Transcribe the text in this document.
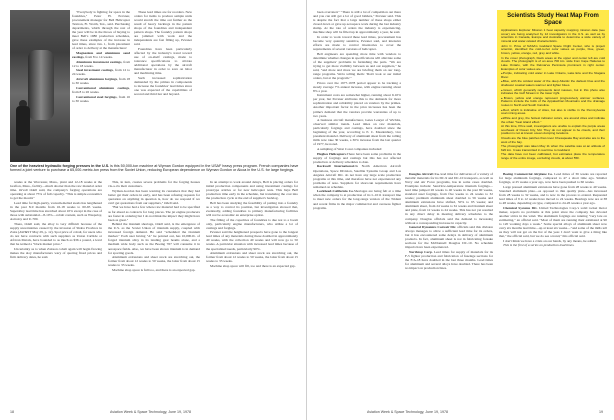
"Everybody is fighting for space in the foundries," Peter H. Pevsner, procurement manager for Bell Helicopter Textron, Ft. Worth, Tex., said. Purchasing departments, which through the rest of the year will be in the throes of buying to meet Bell's 1980 production schedules, gave these examples of the increase in lead times, since Jan. 1, from placement of order to delivery at the manufacturer:

Magnesium and aluminum sand castings, from 8 to 14 weeks.

Aluminum investment castings, from 12 to 18 weeks.

Steel investment castings, from 12 to 24 weeks.

Aircraft aluminum forgings, from 18 to 30 weeks.

Conventional aluminum castings, from 8 to 26 weeks.

Conventional steel forgings, from 16 to 30 weeks.

These lead times are for reorders. New orders for items to produce sample units would stretch the time out further as the result of heavy backlogs in the pattern shops of the foundries and independent pattern shops. The foundry pattern shops are jammed with work and the independents are fast filling up, Pevsner said.

Foundries have been particularly affected by the industry's trend toward use of on-shelf castings, made to tolerance specifications to obviate additional operations by the aircraft manufacturer in order to save on labor and machining time.

Such increased sophistication demanded by the primes in components to increase the foundries' lead times since one was expected of the capabilities of second and third tier and beyond.

One of the heaviest hydraulic forging presses in the U.S. is this 50,000-ton machine at Wyman Gordon equipped in the USAF heavy press program. French companies have formed a joint venture to purchase a 65,000-metric-ton press from the Soviet Union, reducing European dependence on Wyman Gordon or Alcoa in the U.S. for large forgings.

weeks at the Worcester, Mass., plant and 12-18 weeks at the Grafton, Mass., facility—much shorter than the raw material order time. Orvall Odell said, the company's forging operations are operating at about 75% of full capacity. "This is simple economics to get the mould."

Lead time for high-purity, vacuum-melted steels has lengthened in the past 8-9 months from 16-18 weeks to 60-65 weeks. Superalloy lead time has stretched about 10% except in the case of those with substantial—8-10%—cobalt content, such as Waspaloy, Astroloy and U-700.

There, Odell said, the alloy is very difficult because of the supply uncertainties caused by the invasion of Shaba Province in Zaire (AW&ST May 29, p. 12). Spot price of cobalt, for users who do not have contracts with such suppliers as Union Carbide or African Metals, have bounded to as much as $36 a pound, a level that he termed a "black market price."

Uncertainty as to when Zaireon cobalt again will begin flowing makes the aloy manufacturers wary of quoting fixed prices and firm delivery dates, he said.

This, in turn, creates severe problems for the forging houses vis-a-vis their customers.

Wyman-Gordon has been warning its customers that they had better get their orders in early, and has been refusing requests for quotation on anything in question is, how do we respond if we can't get quotations from our suppliers," Odell said.

"But we have had a few where raw material had to be specified as far ahead as contracts for long pieces. The jet engine producers are faster in ordering but I do not think the impact they might have been as great."

Behind the titanium shortage, Odell said, is the emergence of the U.S. as the Soviet Union of titanium supply, coupled with increased foreign demand. He said "scheduled the titanium market." Each user having "A" he pointed out, has 10,000-lb. of forged titanium alloy in its landing gear beams alone, and a medium wide body such as the Boeing 767 will consume it in aerospace fields. Also, we have been shown titanium is in demand for sporting goods.

Aluminum extrusions and sheet stock are stretching out, the former from about 12 weeks to 50 weeks, the latter from about 15 weeks to 33 weeks.

Machine shop space is full too, and there is an expected gap.

In an attempt to work around delays, Bell is placing orders for initial production components and using investment castings for prototype articles or for new helicopter tests. This buys Bell production time early in the schedule, but translating the cost into the production cycle at the end of supplier's backlog.

Bell has been studying the feasibility of putting into a foundry as a way to control its position, but investigation showed that, eventually, adding foundries to primary manufacturing facilities will not be economic an enterprise option.

The filling of the capacities of foundries is due not to a boom only, particularly engine manufacturers, who utilize a lot of castings and forgings.

Pevsner said the heightened prospects have gone to the longest lead times of any materials during these doubled in approximately 40 weeks, with the collection 40 weeks and will now go to 50 weeks. A particular situation with increased lead times because of the specialized needs, particularly 90%.

Aluminum extrusions and sheet stock are stretching out, the former from about 12 weeks to 50 weeks, the latter from about 15 weeks to 33 weeks.

Machine shop space will fill, too and there is an expected gap.

18	Aviation Week & Space Technology, June 19, 1978

been overrated." "There is still a lot of competition out there and you can still get a lot of good bidders," Pevsner said. This is despite the fact that a large number of these shops either closed down or gave up aerospace work during the last industry slump. At the rate of orders the industry is experiencing, machine shop will be filled up in approximately a year, he said.

In order to work toward these lead times, procurement has become very quantity sensitive, Pevsner said, and intensive efforts are made to control inventories to cover the requirements of several versions of helicopter.

Bell engineers are spending more time with vendors to determine whether changes in specifications will alleviate some of the suppliers' problems in furnishing the parts. "We are trying to get more visibility between us and our suppliers," he said, "and more and more we are briefing them on our long-range programs. We're telling them: 'Don't look at our initial orders, but at the program.'"

Prices over the 1977-1978 period appear to be tracking a steady average 7% annual increase, with engine running about 8% a year.

Instrument costs are somewhat higher, running about 9-10% per year, but Pevsner attributes this to the demands for more sophistication and reliability placed on vendors by the primes. Another important factor in the price increases has been the prime's demand that the vendors provide warranties of up to two years.

A business aircraft manufacturer, Gates Learjet of Wichita, observed similar trends. Lead times on raw materials, particularly forgings and castings, have doubled since the beginning of the year, according to E. C. Meadenbury, vice president materiel. Delivery of aluminum sheet from the rolling mills now take 30 weeks, a 30% increase from the last quarter of 1977, he noted.

A sampling of West Coast companies included:

Hughes Helicopters.There have been some problems in the supply of forgings and castings but this has not affected production or delivery schedules to date.

Rockwell International.Its North American Aircraft Operations, Space Division, Satellite Systems Group and Los Angeles Aircraft Div. do not have any large scale production programs at this time, and therefore have not experienced any problems of note. Suppliers for short-run requirements have remained on schedule.

Lockheed-California Co.Shortages are being felt at a time when the company is at production of its L-1011 transport line to meet new orders for the long-range version of the Trident and recent firms in the major commercial and overseas fighter programs.

Douglas Aircraft Co. lead time for deliveries of a variety of metallic materials for its DC-9 and DC-10 transports, as well as Navy and Air Force programs, has in some cases doubled. Examples include: Sand/low-temperature titanium forgings—lead time jumped 26 weeks to 40 weeks in the past 60 weeks, standard steel forgings, from five weeks to 24 weeks to 32 weeks; premium aluminum sheet doubled to 56 weeks and aluminum extrusions have shifted, 50% to 95 weeks; and aluminum sheet, from 24 weeks to 61 weeks and titanium sheet and plate, from 12 weeks to 24 weeks. This has not yet resulted in any direct delay in meeting delivery schedules to the company. Douglas officials said the demand is increasing without a corresponding increase in capacity.

General Dynamics Convair Div. officials said this division always manages to allow a sufficient lead time for its orders, but it has encountered some delays in delivery of aluminum products. In fact, aluminum sheet is not in fabricating forsake sections for the McDonnell Douglas DC-10. No schedule impacts have been experienced.

Northrop Corp. Lead times for supply of materials for its F-5 fighter production and fabrication of fuselage sections for the F/A-18 have doubled in the last three months. Lead times for aluminum and several alloys have doubled. There has been no impact on production lines.

Boeing Commercial Airplane Co. Lead times of 36 weeks are reported for large aluminum forgings, compared to 47 a short time ago. Smaller forgings, at 25 weeks a year ago, now have been pushed to 60 weeks.

Large pressed aluminum extrusions have gone from 28 weeks to 40 weeks. Standard aluminum plate—as opposed to thin quality plate—has increased from 28 weeks to 32 weeks, and is now in the process to extend. Requested lead times of 9 to 12 weeks have moved to 24 weeks. Bearings now are at 38 to 48 weeks, depending on type, compared to 24-26 weeks a year ago.

Chemical Systems Div. United Technologies Corp.'s solid rocket motor maker, reports no problems at this point since the company has devoted another strive in the wind. The aluminum forgings are running "very late on estimating," an official said. "Most of them are running their estimated at 90 to 120 working days a week." Some special alloys of aluminum sheet now carry six months lead time—up at least six weeks—"and some of the mills tell us they will not get on the list of the year. I don't want to give a thing like that," the official said, but we do see a trend," this official said.

I don't think we have a crisis on our hands, by any means, he added.

This is the first of a series on production lead times.

Scientists Study Heat Map From Space

Applications Explorer Mission 1 heat capacity mapping mission data (see cover) are being analyzed by 12 investigators in the U.S. as well as by scientists in Canada, Europe and Australia to determine a wide variety of mineral and water-related characteristics.

John C. Price of NASA's Goddard Space Flight Center, who is project scientist, identified the cold-to-hot color values as purple, blue, green, brown, yellow, orange, red, grey and white.

In the cover photograph, black areas at the upper and center left are cold clouds. The photograph is of an area 700 km. wide from Cape Hatteras to Lake Ontario, with the Delmarva Peninsula prominent in right center. Examples of color values are:

● Purple, indicating cold water in Lake Ontario, Lake Erie and the Niagara River.

● Blue, with the coldest water of the deep Atlantic the darkest blue and the shallower coastal waters warmer and lighter blues.

● Green, which generally represents land masses, but in this photo also indicates the Gulf Stream in the lower right.

● Brown, yellow and orange represent progressively warmer surfaces. Patterns include the folds of the Appalachian Mountains and the drainage routes in North and South Carolina.

● Red, which is indicative of cities, but also is visible in the Pennsylvania coal mining areas.

● White and grey, the hottest indicator colors, are around cities and indicate the urban "heat island effect."

At this time, Price said, investigators are unable to explain the purple areas southeast of Ocean City, Md. They do not appear to be clouds, and their position is not at known ocean dumping locations.

Clouds are the blue patches that cover Chesapeake Bay and also are to the west of the bay.

The photograph was taken May 11 when the satellite was at an altitude of 620 km. It was transmitted in real time to Goddard.

The data have not been calibrated, but estimates place the temperature range of the entire image, excluding clouds, at about 55F.

Aviation Week & Space Technology, June 19, 1978	19
